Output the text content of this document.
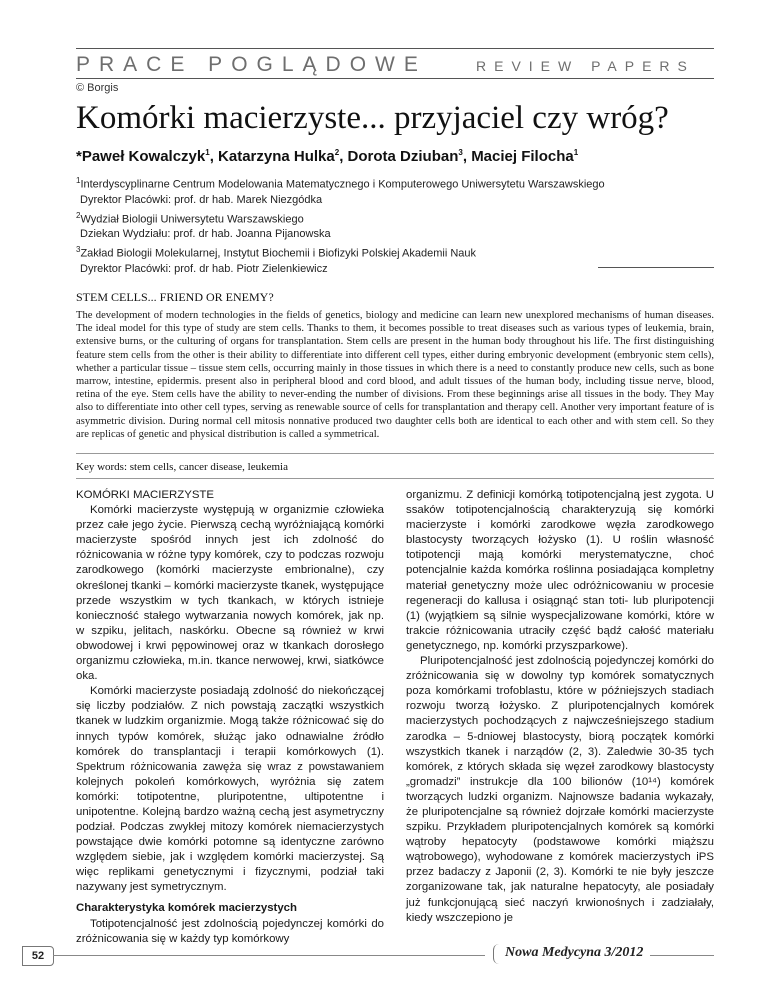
PRACE POGLĄDOWE	REVIEW PAPERS
© Borgis
Komórki macierzyste... przyjaciel czy wróg?
*Paweł Kowalczyk$^1$, Katarzyna Hulka$^2$, Dorota Dziuban$^3$, Maciej Filocha$^1$
$^1$Interdyscyplinarne Centrum Modelowania Matematycznego i Komputerowego Uniwersytetu Warszawskiego
Dyrektor Placówki: prof. dr hab. Marek Niezgódka
$^2$Wydział Biologii Uniwersytetu Warszawskiego
Dziekan Wydziału: prof. dr hab. Joanna Pijanowska
$^3$Zakład Biologii Molekularnej, Instytut Biochemii i Biofizyki Polskiej Akademii Nauk
Dyrektor Placówki: prof. dr hab. Piotr Zielenkiewicz
STEM CELLS... FRIEND OR ENEMY?
The development of modern technologies in the fields of genetics, biology and medicine can learn new unexplored mechanisms of human diseases. The ideal model for this type of study are stem cells. Thanks to them, it becomes possible to treat diseases such as various types of leukemia, brain, extensive burns, or the culturing of organs for transplantation. Stem cells are present in the human body throughout his life. The first distinguishing feature stem cells from the other is their ability to differentiate into different cell types, either during embryonic development (embryonic stem cells), whether a particular tissue – tissue stem cells, occurring mainly in those tissues in which there is a need to constantly produce new cells, such as bone marrow, intestine, epidermis. present also in peripheral blood and cord blood, and adult tissues of the human body, including tissue nerve, blood, retina of the eye. Stem cells have the ability to never-ending the number of divisions. From these beginnings arise all tissues in the body. They May also to differentiate into other cell types, serving as renewable source of cells for transplantation and therapy cell. Another very important feature of is asymmetric division. During normal cell mitosis nonnative produced two daughter cells both are identical to each other and with stem cell. So they are replicas of genetic and physical distribution is called a symmetrical.
Key words: stem cells, cancer disease, leukemia
KOMÓRKI MACIERZYSTE

Komórki macierzyste występują w organizmie człowieka przez całe jego życie. Pierwszą cechą wyróżniającą komórki macierzyste spośród innych jest ich zdolność do różnicowania w różne typy komórek, czy to podczas rozwoju zarodkowego (komórki macierzyste embrionalne), czy określonej tkanki – komórki macierzyste tkanek, występujące przede wszystkim w tych tkankach, w których istnieje konieczność stałego wytwarzania nowych komórek, jak np. w szpiku, jelitach, naskórku. Obecne są również w krwi obwodowej i krwi pępowinowej oraz w tkankach dorosłego organizmu człowieka, m.in. tkance nerwowej, krwi, siatkówce oka.

Komórki macierzyste posiadają zdolność do niekończącej się liczby podziałów. Z nich powstają zaczątki wszystkich tkanek w ludzkim organizmie. Mogą także różnicować się do innych typów komórek, służąc jako odnawialne źródło komórek do transplantacji i terapii komórkowych (1). Spektrum różnicowania zawęża się wraz z powstawaniem kolejnych pokoleń komórkowych, wyróżnia się zatem komórki: totipotentne, pluripotentne, ultipotentne i unipotentne. Kolejną bardzo ważną cechą jest asymetryczny podział. Podczas zwykłej mitozy komórek niemacierzystych powstające dwie komórki potomne są identyczne zarówno względem siebie, jak i względem komórki macierzystej. Są więc replikami genetycznymi i fizycznymi, podział taki nazywany jest symetrycznym.

Charakterystyka komórek macierzystych

Totipotencjalność jest zdolnością pojedynczej komórki do zróżnicowania się w każdy typ komórkowy

organizmu. Z definicji komórką totipotencjalną jest zygota. U ssaków totipotencjalnością charakteryzują się komórki macierzyste i komórki zarodkowe węzła zarodkowego blastocysty tworzących łożysko (1). U roślin własność totipotencji mają komórki merystematyczne, choć potencjalnie każda komórka roślinna posiadająca kompletny materiał genetyczny może ulec odróżnicowaniu w procesie regeneracji do kallusa i osiągnąć stan toti- lub pluripotencji (1) (wyjątkiem są silnie wyspecjalizowane komórki, które w trakcie różnicowania utraciły część bądź całość materiału genetycznego, np. komórki przyszparkowe).

Pluripotencjalność jest zdolnością pojedynczej komórki do zróżnicowania się w dowolny typ komórek somatycznych poza komórkami trofoblastu, które w późniejszych stadiach rozwoju tworzą łożysko. Z pluripotencjalnych komórek macierzystych pochodzących z najwcześniejszego stadium zarodka – 5-dniowej blastocysty, biorą początek komórki wszystkich tkanek i narządów (2, 3). Zaledwie 30-35 tych komórek, z których składa się węzeł zarodkowy blastocysty „gromadzi” instrukcje dla 100 bilionów (10¹⁴) komórek tworzących ludzki organizm. Najnowsze badania wykazały, że pluripotencjalne są również dojrzałe komórki macierzyste szpiku. Przykładem pluripotencjalnych komórek są komórki wątroby hepatocyty (podstawowe komórki miąższu wątrobowego), wyhodowane z komórek macierzystych iPS przez badaczy z Japonii (2, 3). Komórki te nie były jeszcze zorganizowane tak, jak naturalne hepatocyty, ale posiadały już funkcjonującą sieć naczyń krwionośnych i zadziałały, kiedy wszczepiono je

52	Nowa Medycyna 3/2012
